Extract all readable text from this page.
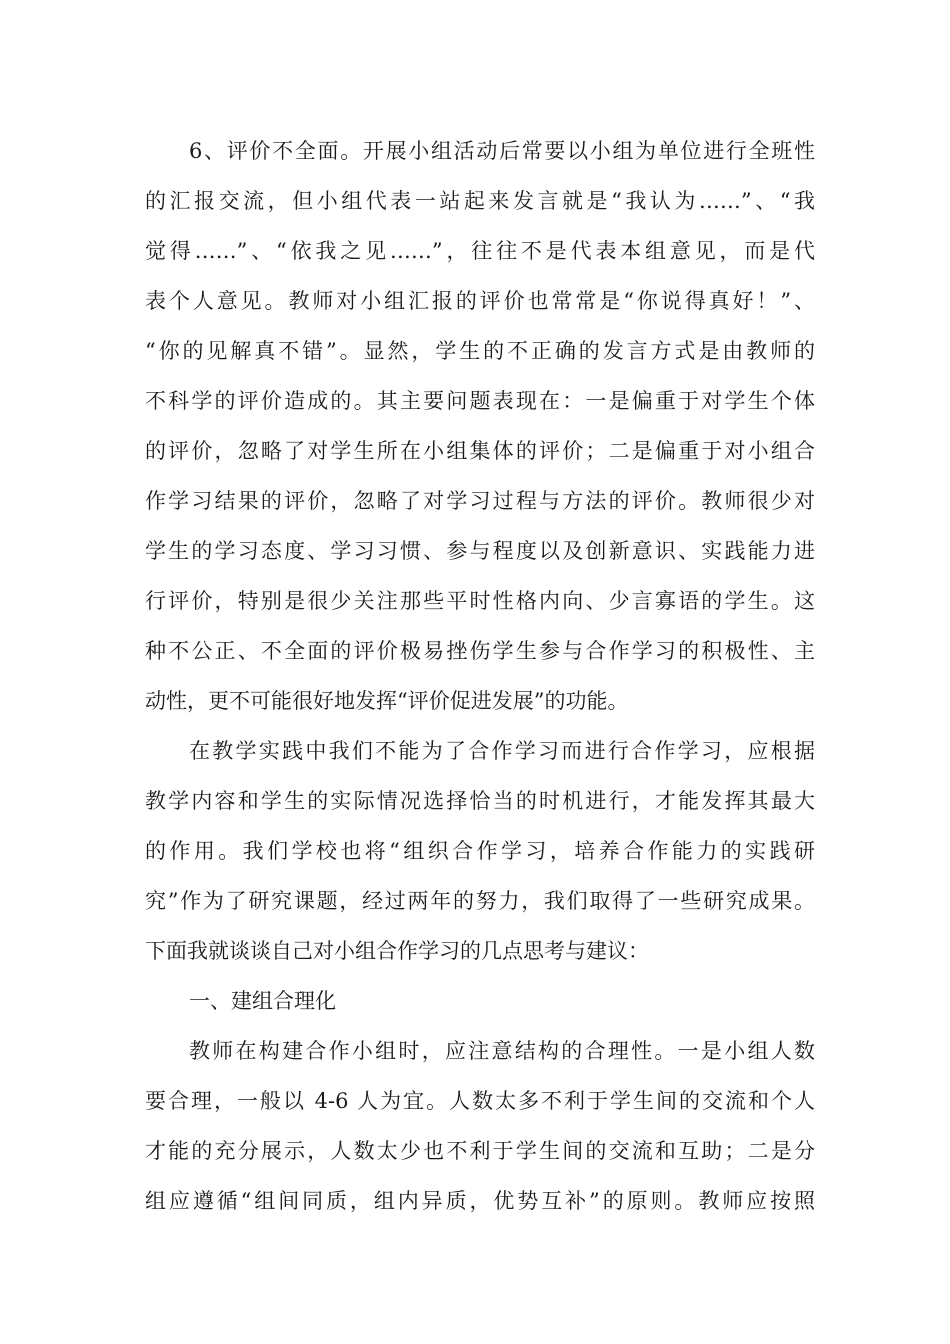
6、评价不全面。开展小组活动后常要以小组为单位进行全班性
的汇报交流，但小组代表一站起来发言就是“我认为……”、“我
觉得……”、“依我之见……”，往往不是代表本组意见，而是代
表个人意见。教师对小组汇报的评价也常常是“你说得真好！”、
“你的见解真不错”。显然，学生的不正确的发言方式是由教师的
不科学的评价造成的。其主要问题表现在：一是偏重于对学生个体
的评价，忽略了对学生所在小组集体的评价；二是偏重于对小组合
作学习结果的评价，忽略了对学习过程与方法的评价。教师很少对
学生的学习态度、学习习惯、参与程度以及创新意识、实践能力进
行评价，特别是很少关注那些平时性格内向、少言寡语的学生。这
种不公正、不全面的评价极易挫伤学生参与合作学习的积极性、主
动性，更不可能很好地发挥“评价促进发展”的功能。
在教学实践中我们不能为了合作学习而进行合作学习，应根据
教学内容和学生的实际情况选择恰当的时机进行，才能发挥其最大
的作用。我们学校也将“组织合作学习，培养合作能力的实践研
究”作为了研究课题，经过两年的努力，我们取得了一些研究成果。
下面我就谈谈自己对小组合作学习的几点思考与建议：
一、建组合理化
教师在构建合作小组时，应注意结构的合理性。一是小组人数
要合理，一般以 4-6 人为宜。人数太多不利于学生间的交流和个人
才能的充分展示，人数太少也不利于学生间的交流和互助；二是分
组应遵循“组间同质，组内异质，优势互补”的原则。教师应按照
